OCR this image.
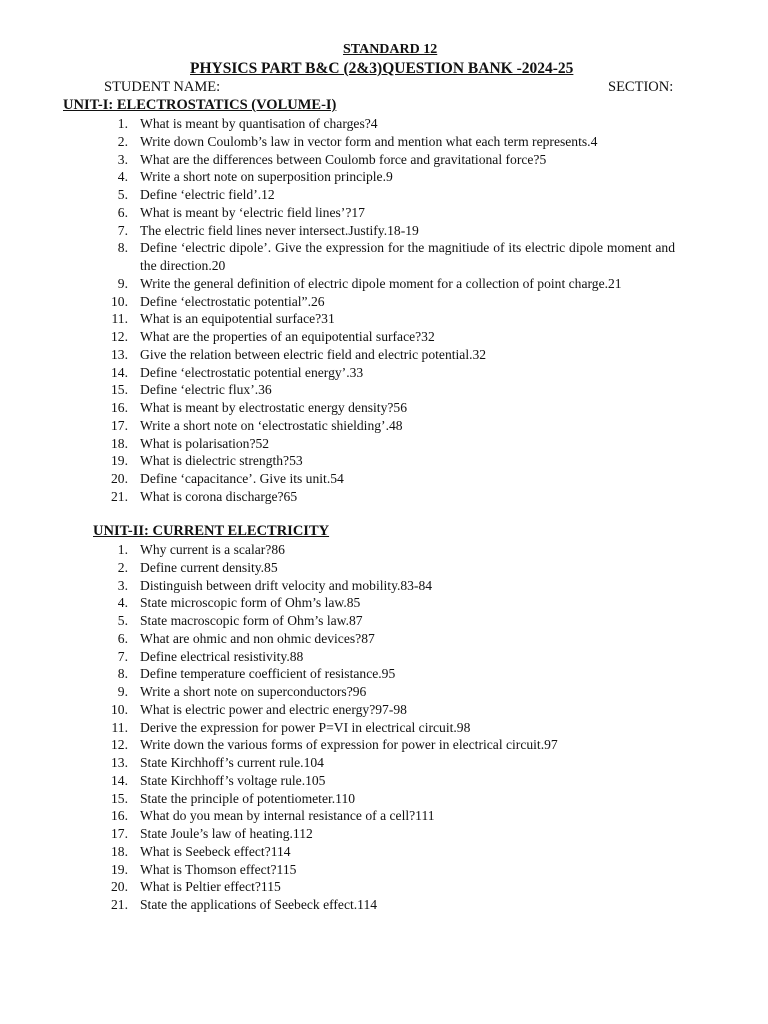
STANDARD 12
PHYSICS PART B&C (2&3)QUESTION BANK -2024-25
STUDENT NAME:	SECTION:
UNIT-I: ELECTROSTATICS (VOLUME-I)
1. What is meant by quantisation of charges?4
2. Write down Coulomb’s law in vector form and mention what each term represents.4
3. What are the differences between Coulomb force and gravitational force?5
4. Write a short note on superposition principle.9
5. Define ‘electric field’.12
6. What is meant by ‘electric field lines’?17
7. The electric field lines never intersect.Justify.18-19
8. Define ‘electric dipole’. Give the expression for the magnitiude of its electric dipole moment and the direction.20
9. Write the general definition of electric dipole moment for a collection of point charge.21
10. Define ‘electrostatic potential”.26
11. What is an equipotential surface?31
12. What are the properties of an equipotential surface?32
13. Give the relation between electric field and electric potential.32
14. Define ‘electrostatic potential energy’.33
15. Define ‘electric flux’.36
16. What is meant by electrostatic energy density?56
17. Write a short note on ‘electrostatic shielding’.48
18. What is polarisation?52
19. What is dielectric strength?53
20. Define ‘capacitance’. Give its unit.54
21. What is corona discharge?65
UNIT-II: CURRENT ELECTRICITY
1. Why current is a scalar?86
2. Define current density.85
3. Distinguish between drift velocity and mobility.83-84
4. State microscopic form of Ohm’s law.85
5. State macroscopic form of Ohm’s law.87
6. What are ohmic and non ohmic devices?87
7. Define electrical resistivity.88
8. Define temperature coefficient of resistance.95
9. Write a short note on superconductors?96
10. What is electric power and electric energy?97-98
11. Derive the expression for power P=VI in electrical circuit.98
12. Write down the various forms of expression for power in electrical circuit.97
13. State Kirchhoff’s current rule.104
14. State Kirchhoff’s voltage rule.105
15. State the principle of potentiometer.110
16. What do you mean by internal resistance of a cell?111
17. State Joule’s law of heating.112
18. What is Seebeck effect?114
19. What is Thomson effect?115
20. What is Peltier effect?115
21. State the applications of Seebeck effect.114
